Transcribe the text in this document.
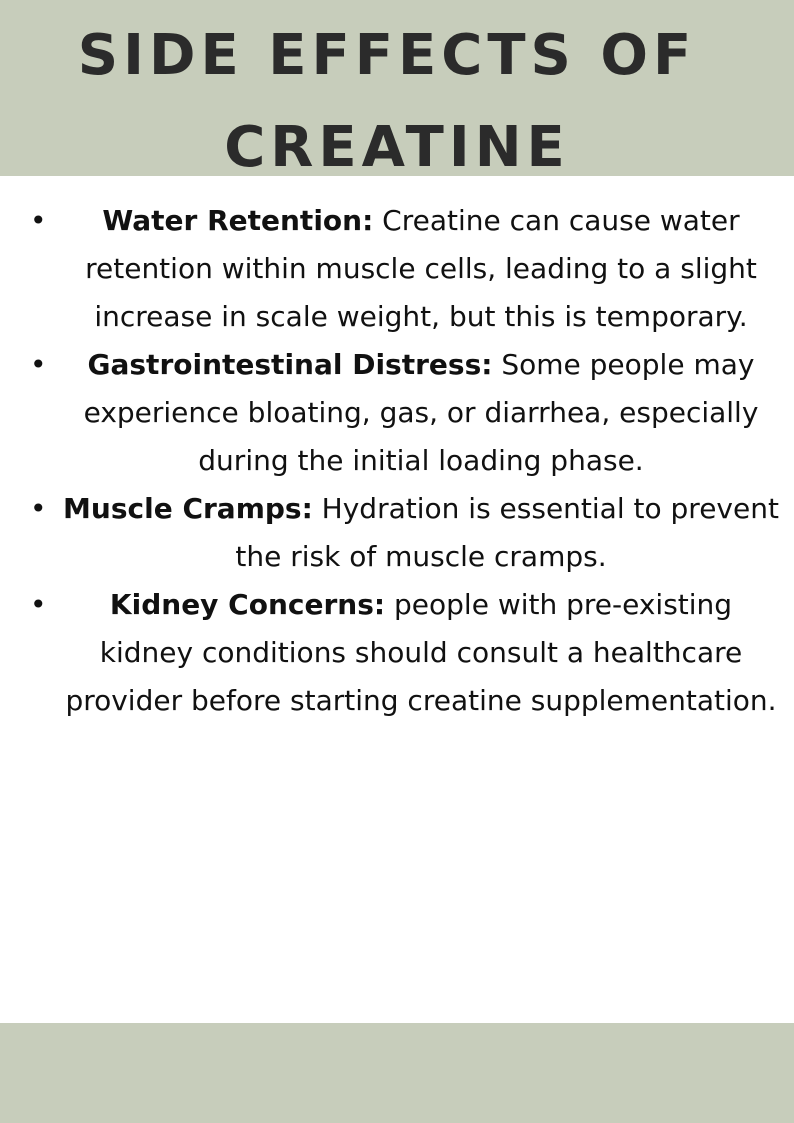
SIDE EFFECTS OF
CREATINE
• Water Retention: Creatine can cause water retention within muscle cells, leading to a slight increase in scale weight, but this is temporary.
• Gastrointestinal Distress: Some people may experience bloating, gas, or diarrhea, especially during the initial loading phase.
• Muscle Cramps: Hydration is essential to prevent the risk of muscle cramps.
• Kidney Concerns: people with pre-existing kidney conditions should consult a healthcare provider before starting creatine supplementation.
